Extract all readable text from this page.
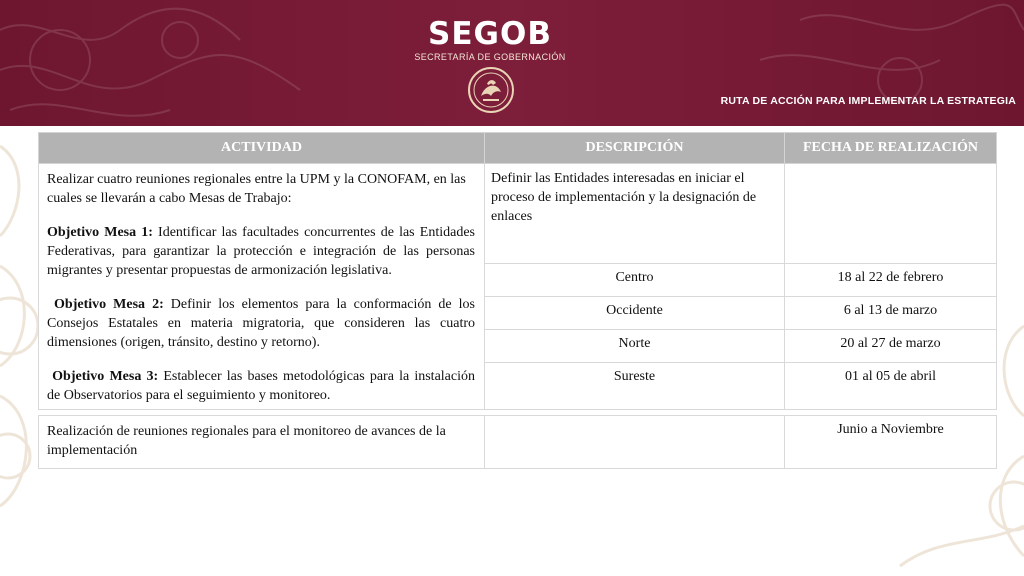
SEGOB
SECRETARÍA DE GOBERNACIÓN
RUTA DE ACCIÓN PARA IMPLEMENTAR LA ESTRATEGIA
ACTIVIDAD	DESCRIPCIÓN	FECHA DE REALIZACIÓN

Realizar cuatro reuniones regionales entre la UPM y la CONOFAM, en las cuales se llevarán a cabo Mesas de Trabajo:

Objetivo Mesa 1: Identificar las facultades concurrentes de las Entidades Federativas, para garantizar la protección e integración de las personas migrantes y presentar propuestas de armonización legislativa.

Objetivo Mesa 2: Definir los elementos para la conformación de los Consejos Estatales en materia migratoria, que consideren las cuatro dimensiones (origen, tránsito, destino y retorno).

Objetivo Mesa 3: Establecer las bases metodológicas para la instalación de Observatorios para el seguimiento y monitoreo.	Definir las Entidades interesadas en iniciar el proceso de implementación y la designación de enlaces	
	Centro	18 al 22 de febrero
	Occidente	6 al 13 de marzo
	Norte	20 al 27 de marzo
	Sureste	01 al 05 de abril
Realización de reuniones regionales para el monitoreo de avances de la implementación		Junio a Noviembre
